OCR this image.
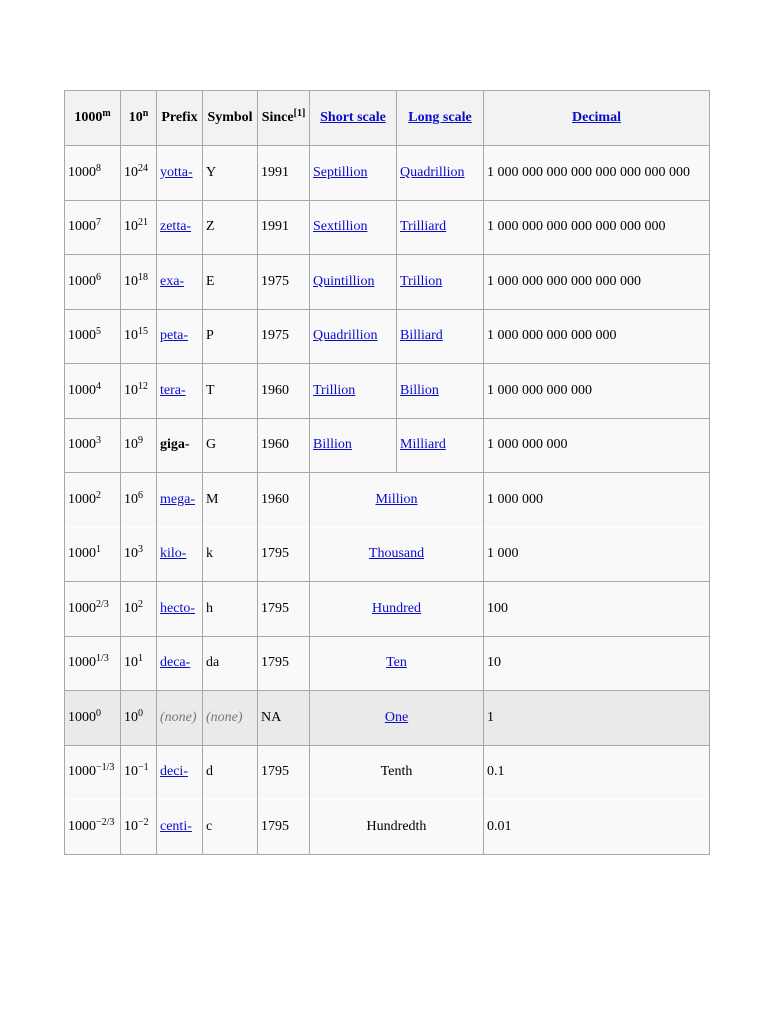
1000$^m$	10$^n$	Prefix	Symbol	Since[1]	Short scale	Long scale	Decimal
1000$^8$	$10^{24}$	yotta-	Y	1991	Septillion	Quadrillion	1 000 000 000 000 000 000 000 000
1000$^7$	$10^{21}$	zetta-	Z	1991	Sextillion	Trilliard	1 000 000 000 000 000 000 000
1000$^6$	$10^{18}$	exa-	E	1975	Quintillion	Trillion	1 000 000 000 000 000 000
1000$^5$	$10^{15}$	peta-	P	1975	Quadrillion	Billiard	1 000 000 000 000 000
1000$^4$	$10^{12}$	tera-	T	1960	Trillion	Billion	1 000 000 000 000
1000$^3$	$10^9$	giga-	G	1960	Billion	Milliard	1 000 000 000
1000$^2$	$10^6$	mega-	M	1960	Million		1 000 000
1000$^1$	$10^3$	kilo-	k	1795	Thousand		1 000
$1000^{2/3}$	$10^2$	hecto-	h	1795	Hundred		100
$1000^{1/3}$	$10^1$	deca-	da	1795	Ten		10
1000$^0$	$10^0$	(none)	(none)	NA	One		1
$1000^{-1/3}$	$10^{-1}$	deci-	d	1795	Tenth		0.1
$1000^{-2/3}$	$10^{-2}$	centi-	c	1795	Hundredth		0.01
